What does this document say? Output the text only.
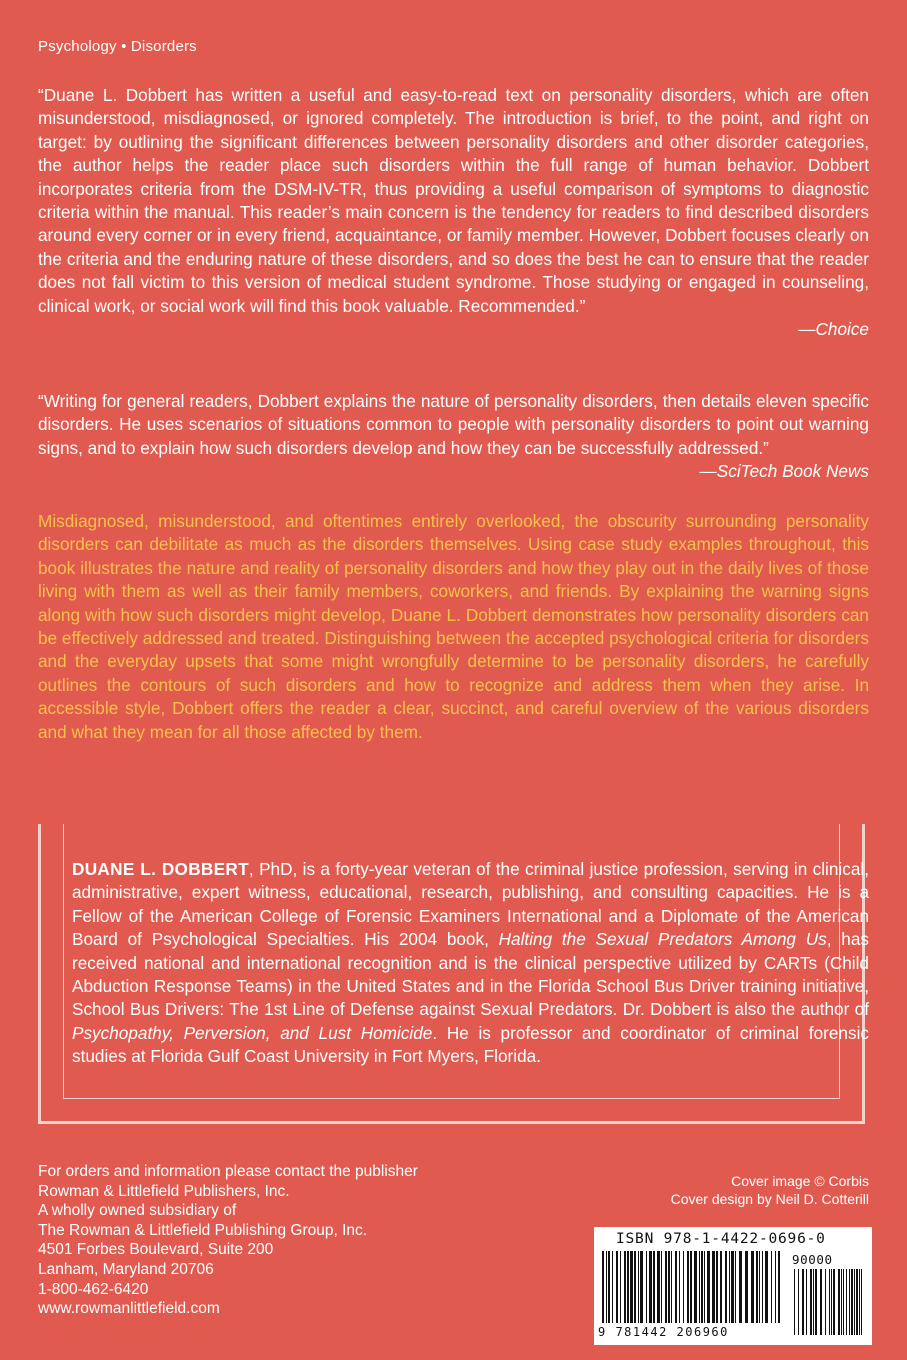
Psychology • Disorders

“Duane L. Dobbert has written a useful and easy-to-read text on personality disorders, which are often misunderstood, misdiagnosed, or ignored completely. The introduction is brief, to the point, and right on target: by outlining the significant differences between personality disorders and other disorder categories, the author helps the reader place such disorders within the full range of human behavior. Dobbert incorporates criteria from the DSM-IV-TR, thus providing a useful comparison of symptoms to diagnostic criteria within the manual. This reader’s main concern is the tendency for readers to find described disorders around every corner or in every friend, acquaintance, or family member. However, Dobbert focuses clearly on the criteria and the enduring nature of these disorders, and so does the best he can to ensure that the reader does not fall victim to this version of medical student syndrome. Those studying or engaged in counseling, clinical work, or social work will find this book valuable. Recommended.”
—Choice

“Writing for general readers, Dobbert explains the nature of personality disorders, then details eleven specific disorders. He uses scenarios of situations common to people with personality disorders to point out warning signs, and to explain how such disorders develop and how they can be successfully addressed.”
—SciTech Book News

Misdiagnosed, misunderstood, and oftentimes entirely overlooked, the obscurity surrounding personality disorders can debilitate as much as the disorders themselves. Using case study examples throughout, this book illustrates the nature and reality of personality disorders and how they play out in the daily lives of those living with them as well as their family members, coworkers, and friends. By explaining the warning signs along with how such disorders might develop, Duane L. Dobbert demonstrates how personality disorders can be effectively addressed and treated. Distinguishing between the accepted psychological criteria for disorders and the everyday upsets that some might wrongfully determine to be personality disorders, he carefully outlines the contours of such disorders and how to recognize and address them when they arise. In accessible style, Dobbert offers the reader a clear, succinct, and careful overview of the various disorders and what they mean for all those affected by them.

DUANE L. DOBBERT, PhD, is a forty-year veteran of the criminal justice profession, serving in clinical, administrative, expert witness, educational, research, publishing, and consulting capacities. He is a Fellow of the American College of Forensic Examiners International and a Diplomate of the American Board of Psychological Specialties. His 2004 book, Halting the Sexual Predators Among Us, has received national and international recognition and is the clinical perspective utilized by CARTs (Child Abduction Response Teams) in the United States and in the Florida School Bus Driver training initiative, School Bus Drivers: The 1st Line of Defense against Sexual Predators. Dr. Dobbert is also the author of Psychopathy, Perversion, and Lust Homicide. He is professor and coordinator of criminal forensic studies at Florida Gulf Coast University in Fort Myers, Florida.

For orders and information please contact the publisher
Rowman & Littlefield Publishers, Inc.
A wholly owned subsidiary of
The Rowman & Littlefield Publishing Group, Inc.
4501 Forbes Boulevard, Suite 200
Lanham, Maryland 20706
1-800-462-6420
www.rowmanlittlefield.com
Cover image © Corbis
Cover design by Neil D. Cotterill
ISBN 978-1-4422-0696-0
90000
9 781442 206960
